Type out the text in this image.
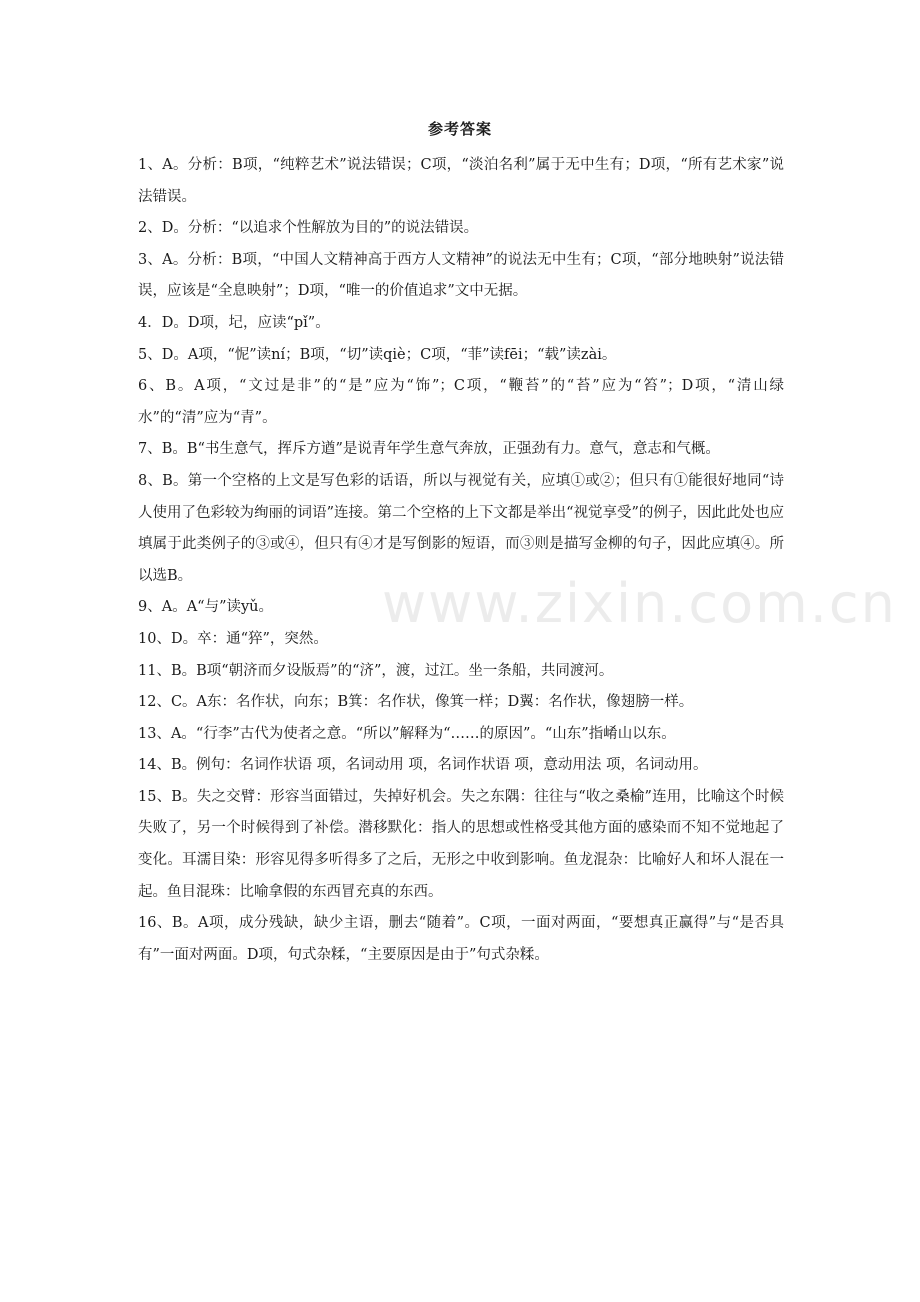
www.zixin.com.cn
参考答案

1、A。分析：B项，“纯粹艺术”说法错误；C项，“淡泊名利”属于无中生有；D项，“所有艺术家”说法错误。

2、D。分析：“以追求个性解放为目的”的说法错误。

3、A。分析：B项，“中国人文精神高于西方人文精神”的说法无中生有；C项，“部分地映射”说法错误，应该是“全息映射”；D项，“唯一的价值追求”文中无据。

4．D。D项，圮，应读“pǐ”。

5、D。A项，“怩”读ní；B项，“切”读qiè；C项，“菲”读fēi；“载”读zài。

6、B。A项，“文过是非”的“是”应为“饰”；C项，“鞭苔”的“苔”应为“笞”；D项，“清山绿水”的“清”应为“青”。

7、B。B“书生意气，挥斥方遒”是说青年学生意气奔放，正强劲有力。意气，意志和气概。

8、B。第一个空格的上文是写色彩的话语，所以与视觉有关，应填①或②；但只有①能很好地同“诗人使用了色彩较为绚丽的词语”连接。第二个空格的上下文都是举出“视觉享受”的例子，因此此处也应填属于此类例子的③或④，但只有④才是写倒影的短语，而③则是描写金柳的句子，因此应填④。所以选B。

9、A。A“与”读yǔ。

10、D。卒：通“猝”，突然。

11、B。B项“朝济而夕设版焉”的“济”，渡，过江。坐一条船，共同渡河。

12、C。A东：名作状，向东；B箕：名作状，像箕一样；D翼：名作状，像翅膀一样。

13、A。“行李”古代为使者之意。“所以”解释为“……的原因”。“山东”指崤山以东。

14、B。例句：名词作状语 项，名词动用 项，名词作状语 项，意动用法 项，名词动用。

15、B。失之交臂：形容当面错过，失掉好机会。失之东隅：往往与“收之桑榆”连用，比喻这个时候失败了，另一个时候得到了补偿。潜移默化：指人的思想或性格受其他方面的感染而不知不觉地起了变化。耳濡目染：形容见得多听得多了之后，无形之中收到影响。鱼龙混杂：比喻好人和坏人混在一起。鱼目混珠：比喻拿假的东西冒充真的东西。

16、B。A项，成分残缺，缺少主语，删去“随着”。C项，一面对两面，“要想真正赢得”与“是否具有”一面对两面。D项，句式杂糅，“主要原因是由于”句式杂糅。
